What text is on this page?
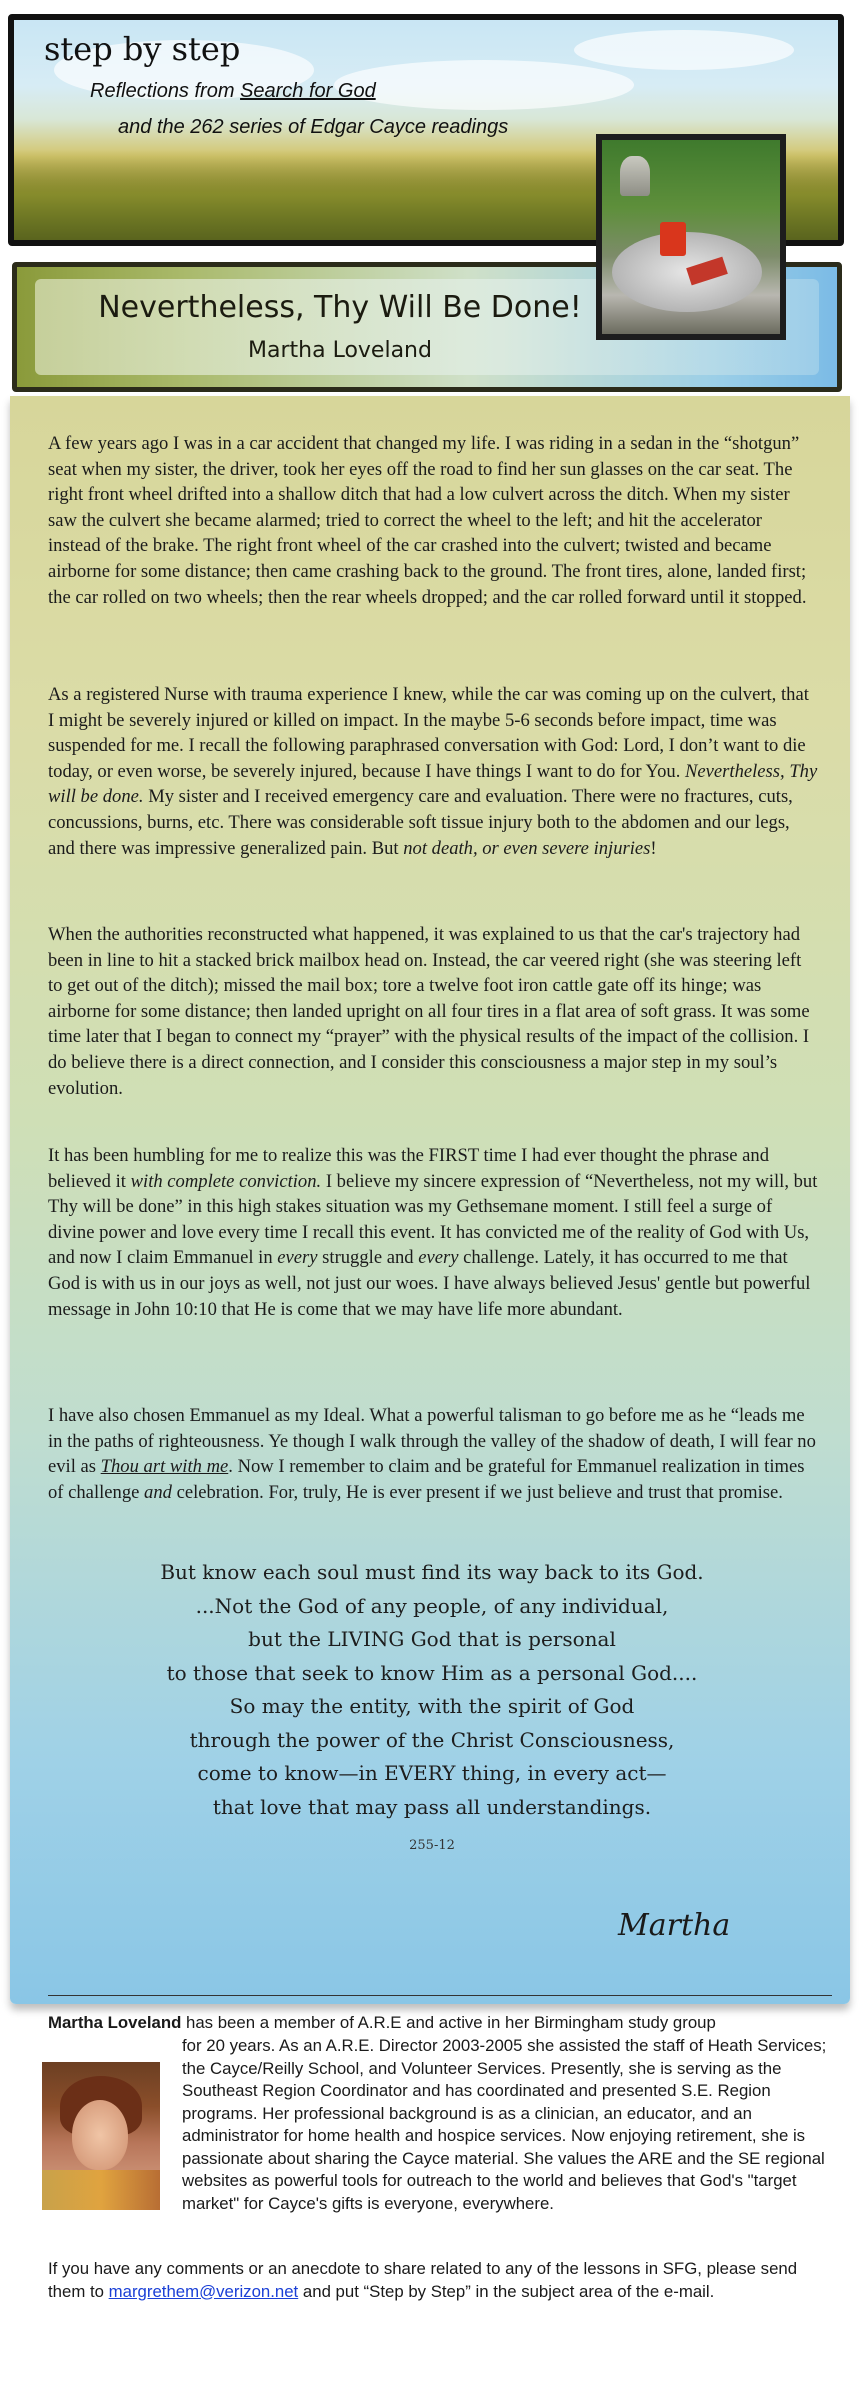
step by step
Reflections from Search for God
and the 262 series of Edgar Cayce readings
Nevertheless, Thy Will Be Done!
Martha Loveland

A few years ago I was in a car accident that changed my life. I was riding in a sedan in the “shotgun” seat when my sister, the driver, took her eyes off the road to find her sun glasses on the car seat. The right front wheel drifted into a shallow ditch that had a low culvert across the ditch. When my sister saw the culvert she became alarmed; tried to correct the wheel to the left; and hit the accelerator instead of the brake. The right front wheel of the car crashed into the culvert; twisted and became airborne for some distance; then came crashing back to the ground. The front tires, alone, landed first; the car rolled on two wheels; then the rear wheels dropped; and the car rolled forward until it stopped.

As a registered Nurse with trauma experience I knew, while the car was coming up on the culvert, that I might be severely injured or killed on impact. In the maybe 5-6 seconds before impact, time was suspended for me. I recall the following paraphrased conversation with God: Lord, I don’t want to die today, or even worse, be severely injured, because I have things I want to do for You. Nevertheless, Thy will be done. My sister and I received emergency care and evaluation. There were no fractures, cuts, concussions, burns, etc. There was considerable soft tissue injury both to the abdomen and our legs, and there was impressive generalized pain. But not death, or even severe injuries!

When the authorities reconstructed what happened, it was explained to us that the car's trajectory had been in line to hit a stacked brick mailbox head on. Instead, the car veered right (she was steering left to get out of the ditch); missed the mail box; tore a twelve foot iron cattle gate off its hinge; was airborne for some distance; then landed upright on all four tires in a flat area of soft grass. It was some time later that I began to connect my “prayer” with the physical results of the impact of the collision. I do believe there is a direct connection, and I consider this consciousness a major step in my soul’s evolution.

It has been humbling for me to realize this was the FIRST time I had ever thought the phrase and believed it with complete conviction. I believe my sincere expression of “Nevertheless, not my will, but Thy will be done” in this high stakes situation was my Gethsemane moment. I still feel a surge of divine power and love every time I recall this event. It has convicted me of the reality of God with Us, and now I claim Emmanuel in every struggle and every challenge. Lately, it has occurred to me that God is with us in our joys as well, not just our woes. I have always believed Jesus' gentle but powerful message in John 10:10 that He is come that we may have life more abundant.

I have also chosen Emmanuel as my Ideal. What a powerful talisman to go before me as he “leads me in the paths of righteousness. Ye though I walk through the valley of the shadow of death, I will fear no evil as Thou art with me. Now I remember to claim and be grateful for Emmanuel realization in times of challenge and celebration. For, truly, He is ever present if we just believe and trust that promise.

But know each soul must find its way back to its God.
...Not the God of any people, of any individual,
but the LIVING God that is personal
to those that seek to know Him as a personal God....
So may the entity, with the spirit of God
through the power of the Christ Consciousness,
come to know—in EVERY thing, in every act—
that love that may pass all understandings.
255-12
Martha
Martha Loveland has been a member of A.R.E and active in her Birmingham study group
for 20 years. As an A.R.E. Director 2003-2005 she assisted the staff of Heath Services; the Cayce/Reilly School, and Volunteer Services. Presently, she is serving as the Southeast Region Coordinator and has coordinated and presented S.E. Region programs. Her professional background is as a clinician, an educator, and an administrator for home health and hospice services. Now enjoying retirement, she is passionate about sharing the Cayce material. She values the ARE and the SE regional websites as powerful tools for outreach to the world and believes that God's "target market" for Cayce's gifts is everyone, everywhere.
If you have any comments or an anecdote to share related to any of the lessons in SFG, please send them to margrethem@verizon.net and put “Step by Step” in the subject area of the e-mail.
